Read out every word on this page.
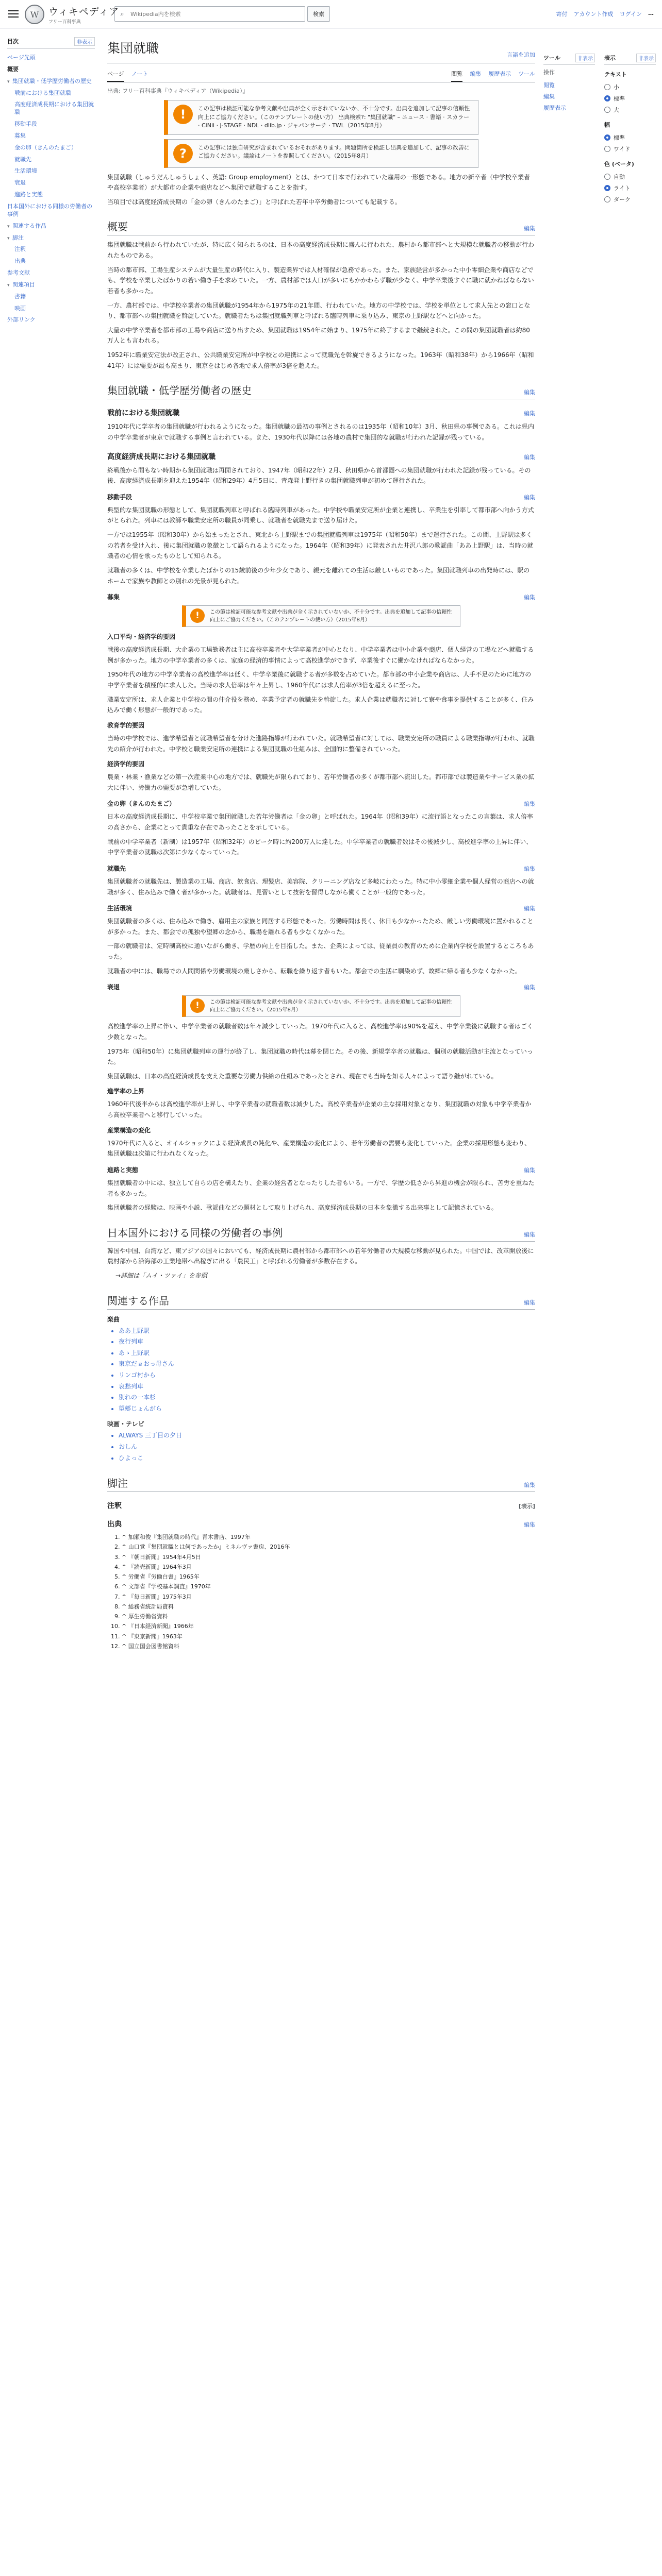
W
ウィキペディア
フリー百科事典
⌕
Wikipedia内を検索	検索	寄付 アカウント作成 ログイン …
目次	非表示
ページ先頭
概要
▾ 集団就職・低学歴労働者の歴史
戦前における集団就職
高度経済成長期における集団就職
移動手段
募集
金の卵（きんのたまご）
就職先
生活環境
衰退
進路と実態
日本国外における同様の労働者の事例
▾ 関連する作品
▾ 脚注
注釈
出典
参考文献
▾ 関連項目
書籍
映画
外部リンク
ツール	非表示
操作
閲覧
編集
履歴表示
表示	非表示
テキスト
小
標準
大
幅
標準
ワイド
色 (ベータ)
自動
ライト
ダーク
集団就職	言語を追加
ページ ノート	閲覧 編集 履歴表示 ツール
出典: フリー百科事典『ウィキペディア（Wikipedia）』
!	この記事は検証可能な参考文献や出典が全く示されていないか、不十分です。出典を追加して記事の信頼性向上にご協力ください。（このテンプレートの使い方） 出典検索?: "集団就職" – ニュース · 書籍 · スカラー · CiNii · J-STAGE · NDL · dlib.jp · ジャパンサーチ · TWL（2015年8月）
?	この記事には独自研究が含まれているおそれがあります。問題箇所を検証し出典を追加して、記事の改善にご協力ください。議論はノートを参照してください。（2015年8月）

集団就職（しゅうだんしゅうしょく、英語: Group employment）とは、かつて日本で行われていた雇用の一形態である。地方の新卒者（中学校卒業者や高校卒業者）が大都市の企業や商店などへ集団で就職することを指す。

当項目では高度経済成長期の「金の卵（きんのたまご）」と呼ばれた若年中卒労働者についても記載する。

概要	編集

集団就職は戦前から行われていたが、特に広く知られるのは、日本の高度経済成長期に盛んに行われた、農村から都市部へと大規模な就職者の移動が行われたものである。

当時の都市部、工場生産システムが大量生産の時代に入り、製造業界では人材確保が急務であった。また、家族経営が多かった中小零細企業や商店などでも、学校を卒業したばかりの若い働き手を求めていた。一方、農村部では人口が多いにもかかわらず職が少なく、中学卒業後すぐに職に就かねばならない若者も多かった。

一方、農村部では、中学校卒業者の集団就職が1954年から1975年の21年間、行われていた。地方の中学校では、学校を単位として求人先との窓口となり、都市部への集団就職を斡旋していた。就職者たちは集団就職列車と呼ばれる臨時列車に乗り込み、東京の上野駅などへと向かった。

大量の中学卒業者を都市部の工場や商店に送り出すため、集団就職は1954年に始まり、1975年に終了するまで継続された。この間の集団就職者は約80万人とも言われる。

1952年に職業安定法が改正され、公共職業安定所が中学校との連携によって就職先を斡旋できるようになった。1963年（昭和38年）から1966年（昭和41年）には需要が最も高まり、東京をはじめ各地で求人倍率が3倍を超えた。

集団就職・低学歴労働者の歴史	編集
戦前における集団就職	編集

1910年代に学卒者の集団就職が行われるようになった。集団就職の最初の事例とされるのは1935年（昭和10年）3月、秋田県の事例である。これは県内の中学卒業者が東京で就職する事例と言われている。また、1930年代以降には各地の農村で集団的な就職が行われた記録が残っている。

高度経済成長期における集団就職	編集

終戦後から間もない時期から集団就職は再開されており、1947年（昭和22年）2月、秋田県から首都圏への集団就職が行われた記録が残っている。その後、高度経済成長期を迎えた1954年（昭和29年）4月5日に、青森発上野行きの集団就職列車が初めて運行された。

移動手段	編集

典型的な集団就職の形態として、集団就職列車と呼ばれる臨時列車があった。中学校や職業安定所が企業と連携し、卒業生を引率して都市部へ向かう方式がとられた。列車には教師や職業安定所の職員が同乗し、就職者を就職先まで送り届けた。

一方では1955年（昭和30年）から始まったとされ、東北から上野駅までの集団就職列車は1975年（昭和50年）まで運行された。この間、上野駅は多くの若者を受け入れ、後に集団就職の象徴として語られるようになった。1964年（昭和39年）に発表された井沢八郎の歌謡曲「ああ上野駅」は、当時の就職者の心情を歌ったものとして知られる。

就職者の多くは、中学校を卒業したばかりの15歳前後の少年少女であり、親元を離れての生活は厳しいものであった。集団就職列車の出発時には、駅のホームで家族や教師との別れの光景が見られた。

募集	編集
!	この節は検証可能な参考文献や出典が全く示されていないか、不十分です。出典を追加して記事の信頼性向上にご協力ください。（このテンプレートの使い方）（2015年8月）
入口平均・経済学的要因

戦後の高度経済成長期、大企業の工場勤務者は主に高校卒業者や大学卒業者が中心となり、中学卒業者は中小企業や商店、個人経営の工場などへ就職する例が多かった。地方の中学卒業者の多くは、家庭の経済的事情によって高校進学ができず、卒業後すぐに働かなければならなかった。

1950年代の地方の中学卒業者の高校進学率は低く、中学卒業後に就職する者が多数を占めていた。都市部の中小企業や商店は、人手不足のために地方の中学卒業者を積極的に求人した。当時の求人倍率は年々上昇し、1960年代には求人倍率が3倍を超えるに至った。

職業安定所は、求人企業と中学校の間の仲介役を務め、卒業予定者の就職先を斡旋した。求人企業は就職者に対して寮や食事を提供することが多く、住み込みで働く形態が一般的であった。

教育学的要因

当時の中学校では、進学希望者と就職希望者を分けた進路指導が行われていた。就職希望者に対しては、職業安定所の職員による職業指導が行われ、就職先の紹介が行われた。中学校と職業安定所の連携による集団就職の仕組みは、全国的に整備されていった。

経済学的要因

農業・林業・漁業などの第一次産業中心の地方では、就職先が限られており、若年労働者の多くが都市部へ流出した。都市部では製造業やサービス業の拡大に伴い、労働力の需要が急増していた。

金の卵（きんのたまご）	編集

日本の高度経済成長期に、中学校卒業で集団就職した若年労働者は「金の卵」と呼ばれた。1964年（昭和39年）に流行語となったこの言葉は、求人倍率の高さから、企業にとって貴重な存在であったことを示している。

戦前の中学卒業者（新制）は1957年（昭和32年）のピーク時に約200万人に達した。中学卒業者の就職者数はその後減少し、高校進学率の上昇に伴い、中学卒業者の就職は次第に少なくなっていった。

就職先	編集

集団就職者の就職先は、製造業の工場、商店、飲食店、理髪店、美容院、クリーニング店など多岐にわたった。特に中小零細企業や個人経営の商店への就職が多く、住み込みで働く者が多かった。就職者は、見習いとして技術を習得しながら働くことが一般的であった。

生活環境	編集

集団就職者の多くは、住み込みで働き、雇用主の家族と同居する形態であった。労働時間は長く、休日も少なかったため、厳しい労働環境に置かれることが多かった。また、都会での孤独や望郷の念から、職場を離れる者も少なくなかった。

一部の就職者は、定時制高校に通いながら働き、学歴の向上を目指した。また、企業によっては、従業員の教育のために企業内学校を設置するところもあった。

就職者の中には、職場での人間関係や労働環境の厳しさから、転職を繰り返す者もいた。都会での生活に馴染めず、故郷に帰る者も少なくなかった。

衰退	編集
!	この節は検証可能な参考文献や出典が全く示されていないか、不十分です。出典を追加して記事の信頼性向上にご協力ください。（2015年8月）

高校進学率の上昇に伴い、中学卒業者の就職者数は年々減少していった。1970年代に入ると、高校進学率は90%を超え、中学卒業後に就職する者はごく少数となった。

1975年（昭和50年）に集団就職列車の運行が終了し、集団就職の時代は幕を閉じた。その後、新規学卒者の就職は、個別の就職活動が主流となっていった。

集団就職は、日本の高度経済成長を支えた重要な労働力供給の仕組みであったとされ、現在でも当時を知る人々によって語り継がれている。

進学率の上昇

1960年代後半からは高校進学率が上昇し、中学卒業者の就職者数は減少した。高校卒業者が企業の主な採用対象となり、集団就職の対象も中学卒業者から高校卒業者へと移行していった。

産業構造の変化

1970年代に入ると、オイルショックによる経済成長の鈍化や、産業構造の変化により、若年労働者の需要も変化していった。企業の採用形態も変わり、集団就職は次第に行われなくなった。

進路と実態	編集

集団就職者の中には、独立して自らの店を構えたり、企業の経営者となったりした者もいる。一方で、学歴の低さから昇進の機会が限られ、苦労を重ねた者も多かった。

集団就職者の経験は、映画や小説、歌謡曲などの題材として取り上げられ、高度経済成長期の日本を象徴する出来事として記憶されている。

日本国外における同様の労働者の事例	編集

韓国や中国、台湾など、東アジアの国々においても、経済成長期に農村部から都市部への若年労働者の大規模な移動が見られた。中国では、改革開放後に農村部から沿海部の工業地帯へ出稼ぎに出る「農民工」と呼ばれる労働者が多数存在する。

→詳細は「ムイ・ツァイ」を参照

関連する作品	編集
楽曲
• ああ上野駅
• 夜行列車
• あゝ上野駅
• 東京だョおっ母さん
• リンゴ村から
• 哀愁列車
• 別れの一本杉
• 望郷じょんがら
映画・テレビ
• ALWAYS 三丁目の夕日
• おしん
• ひよっこ
脚注	編集
注釈	[表示]
出典	編集
1. ^ 加瀬和俊『集団就職の時代』青木書店、1997年
2. ^ 山口覚『集団就職とは何であったか』ミネルヴァ書房、2016年
3. ^ 『朝日新聞』1954年4月5日
4. ^ 『読売新聞』1964年3月
5. ^ 労働省『労働白書』1965年
6. ^ 文部省『学校基本調査』1970年
7. ^ 『毎日新聞』1975年3月
8. ^ 総務省統計局資料
9. ^ 厚生労働省資料
10. ^ 『日本経済新聞』1966年
11. ^ 『東京新聞』1963年
12. ^ 国立国会図書館資料
